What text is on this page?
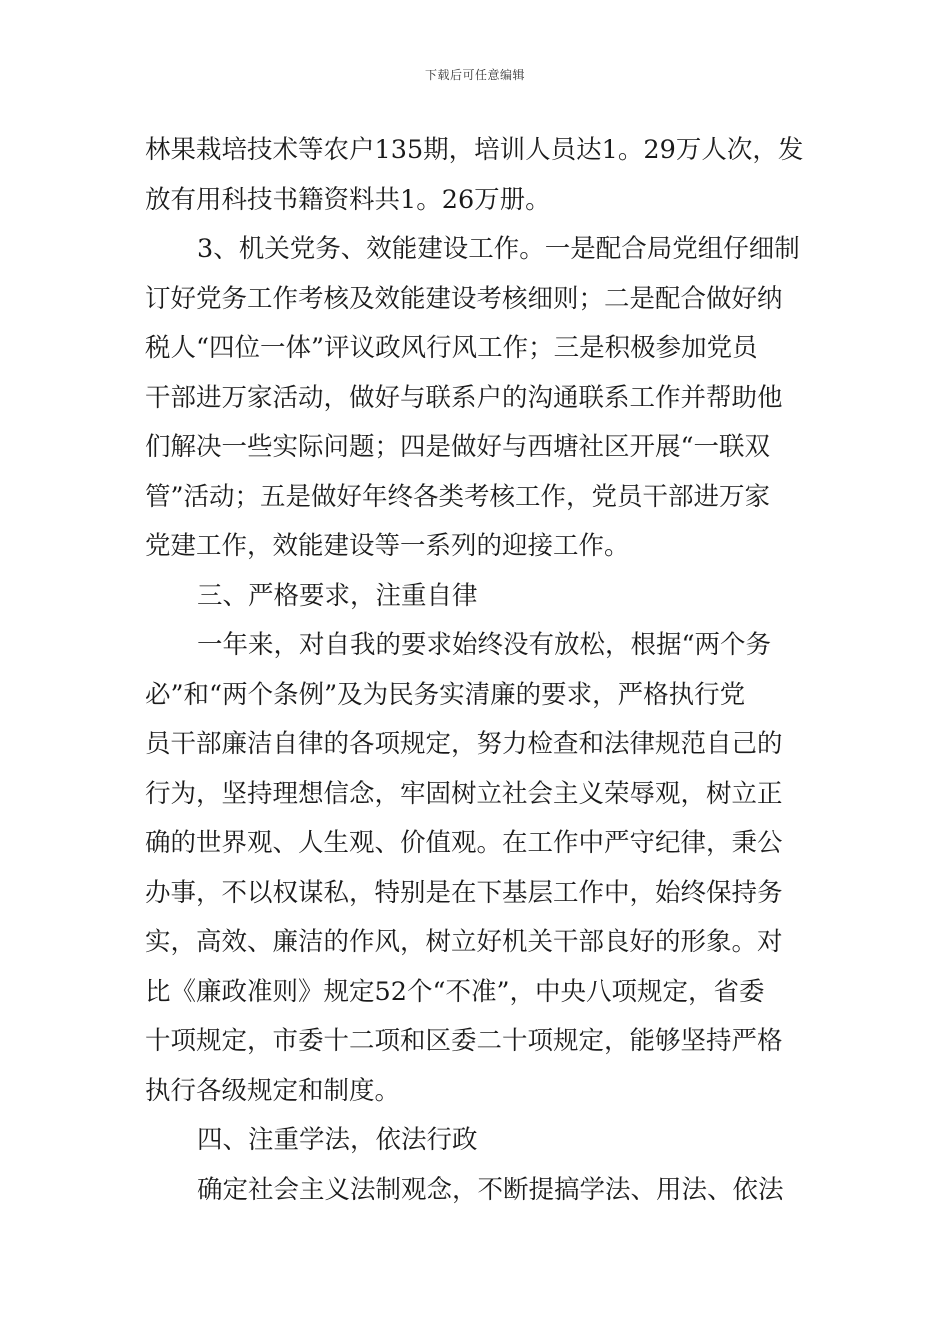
下载后可任意编辑
林果栽培技术等农户135期，培训人员达1。29万人次，发
放有用科技书籍资料共1。26万册。
3、机关党务、效能建设工作。一是配合局党组仔细制
订好党务工作考核及效能建设考核细则；二是配合做好纳
税人“四位一体”评议政风行风工作；三是积极参加党员
干部进万家活动，做好与联系户的沟通联系工作并帮助他
们解决一些实际问题；四是做好与西塘社区开展“一联双
管”活动；五是做好年终各类考核工作，党员干部进万家
党建工作，效能建设等一系列的迎接工作。
三、严格要求，注重自律
一年来，对自我的要求始终没有放松，根据“两个务
必”和“两个条例”及为民务实清廉的要求，严格执行党
员干部廉洁自律的各项规定，努力检查和法律规范自己的
行为，坚持理想信念，牢固树立社会主义荣辱观，树立正
确的世界观、人生观、价值观。在工作中严守纪律，秉公
办事，不以权谋私，特别是在下基层工作中，始终保持务
实，高效、廉洁的作风，树立好机关干部良好的形象。对
比《廉政准则》规定52个“不准”，中央八项规定，省委
十项规定，市委十二项和区委二十项规定，能够坚持严格
执行各级规定和制度。
四、注重学法，依法行政
确定社会主义法制观念，不断提搞学法、用法、依法
